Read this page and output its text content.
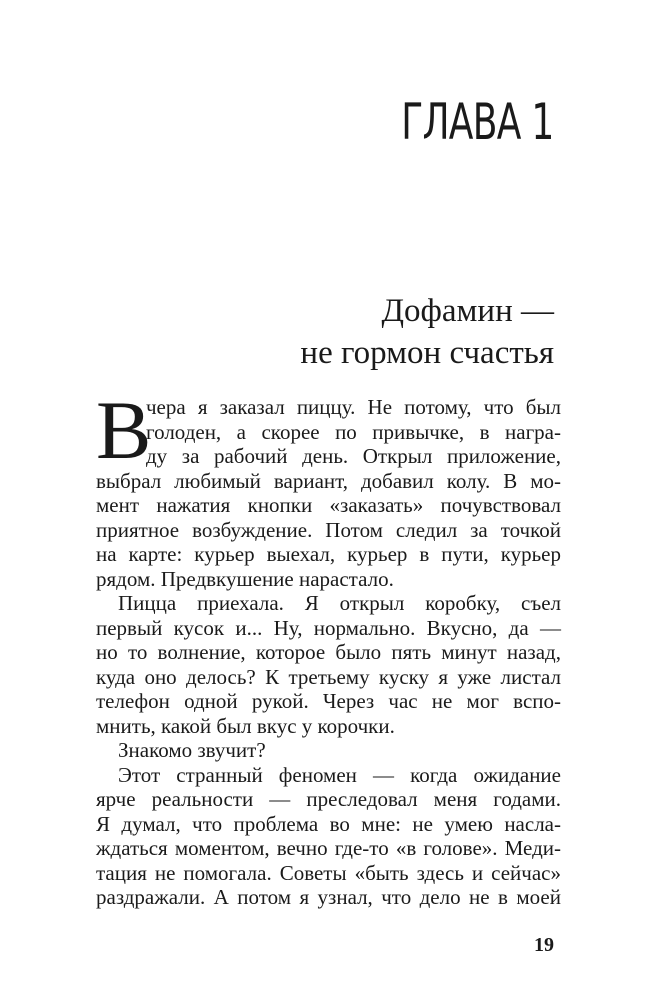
ГЛАВА 1
Дофамин —
не гормон счастья
В
чера я заказал пиццу. Не потому, что был
голоден, а скорее по привычке, в награ-
ду за рабочий день. Открыл приложение,
выбрал любимый вариант, добавил колу. В мо-
мент нажатия кнопки «заказать» почувствовал
приятное возбуждение. Потом следил за точкой
на карте: курьер выехал, курьер в пути, курьер
рядом. Предвкушение нарастало.
Пицца приехала. Я открыл коробку, съел
первый кусок и... Ну, нормально. Вкусно, да —
но то волнение, которое было пять минут назад,
куда оно делось? К третьему куску я уже листал
телефон одной рукой. Через час не мог вспо-
мнить, какой был вкус у корочки.
Знакомо звучит?
Этот странный феномен — когда ожидание
ярче реальности — преследовал меня годами.
Я думал, что проблема во мне: не умею насла-
ждаться моментом, вечно где-то «в голове». Меди-
тация не помогала. Советы «быть здесь и сейчас»
раздражали. А потом я узнал, что дело не в моей
19
